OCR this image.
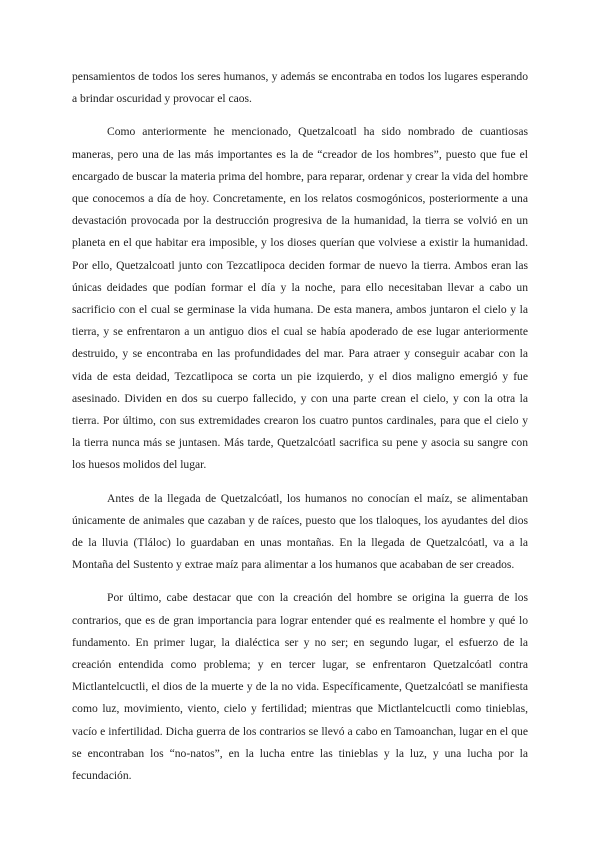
pensamientos de todos los seres humanos, y además se encontraba en todos los lugares esperando a brindar oscuridad y provocar el caos.

Como anteriormente he mencionado, Quetzalcoatl ha sido nombrado de cuantiosas maneras, pero una de las más importantes es la de “creador de los hombres”, puesto que fue el encargado de buscar la materia prima del hombre, para reparar, ordenar y crear la vida del hombre que conocemos a día de hoy. Concretamente, en los relatos cosmogónicos, posteriormente a una devastación provocada por la destrucción progresiva de la humanidad, la tierra se volvió en un planeta en el que habitar era imposible, y los dioses querían que volviese a existir la humanidad. Por ello, Quetzalcoatl junto con Tezcatlipoca deciden formar de nuevo la tierra. Ambos eran las únicas deidades que podían formar el día y la noche, para ello necesitaban llevar a cabo un sacrificio con el cual se germinase la vida humana. De esta manera, ambos juntaron el cielo y la tierra, y se enfrentaron a un antiguo dios el cual se había apoderado de ese lugar anteriormente destruido, y se encontraba en las profundidades del mar. Para atraer y conseguir acabar con la vida de esta deidad, Tezcatlipoca se corta un pie izquierdo, y el dios maligno emergió y fue asesinado. Dividen en dos su cuerpo fallecido, y con una parte crean el cielo, y con la otra la tierra. Por último, con sus extremidades crearon los cuatro puntos cardinales, para que el cielo y la tierra nunca más se juntasen. Más tarde, Quetzalcóatl sacrifica su pene y asocia su sangre con los huesos molidos del lugar.

Antes de la llegada de Quetzalcóatl, los humanos no conocían el maíz, se alimentaban únicamente de animales que cazaban y de raíces, puesto que los tlaloques, los ayudantes del dios de la lluvia (Tláloc) lo guardaban en unas montañas. En la llegada de Quetzalcóatl, va a la Montaña del Sustento y extrae maíz para alimentar a los humanos que acababan de ser creados.

Por último, cabe destacar que con la creación del hombre se origina la guerra de los contrarios, que es de gran importancia para lograr entender qué es realmente el hombre y qué lo fundamento. En primer lugar, la dialéctica ser y no ser; en segundo lugar, el esfuerzo de la creación entendida como problema; y en tercer lugar, se enfrentaron Quetzalcóatl contra Mictlantelcuctli, el dios de la muerte y de la no vida. Específicamente, Quetzalcóatl se manifiesta como luz, movimiento, viento, cielo y fertilidad; mientras que Mictlantelcuctli como tinieblas, vacío e infertilidad. Dicha guerra de los contrarios se llevó a cabo en Tamoanchan, lugar en el que se encontraban los “no-natos”, en la lucha entre las tinieblas y la luz, y una lucha por la fecundación.
